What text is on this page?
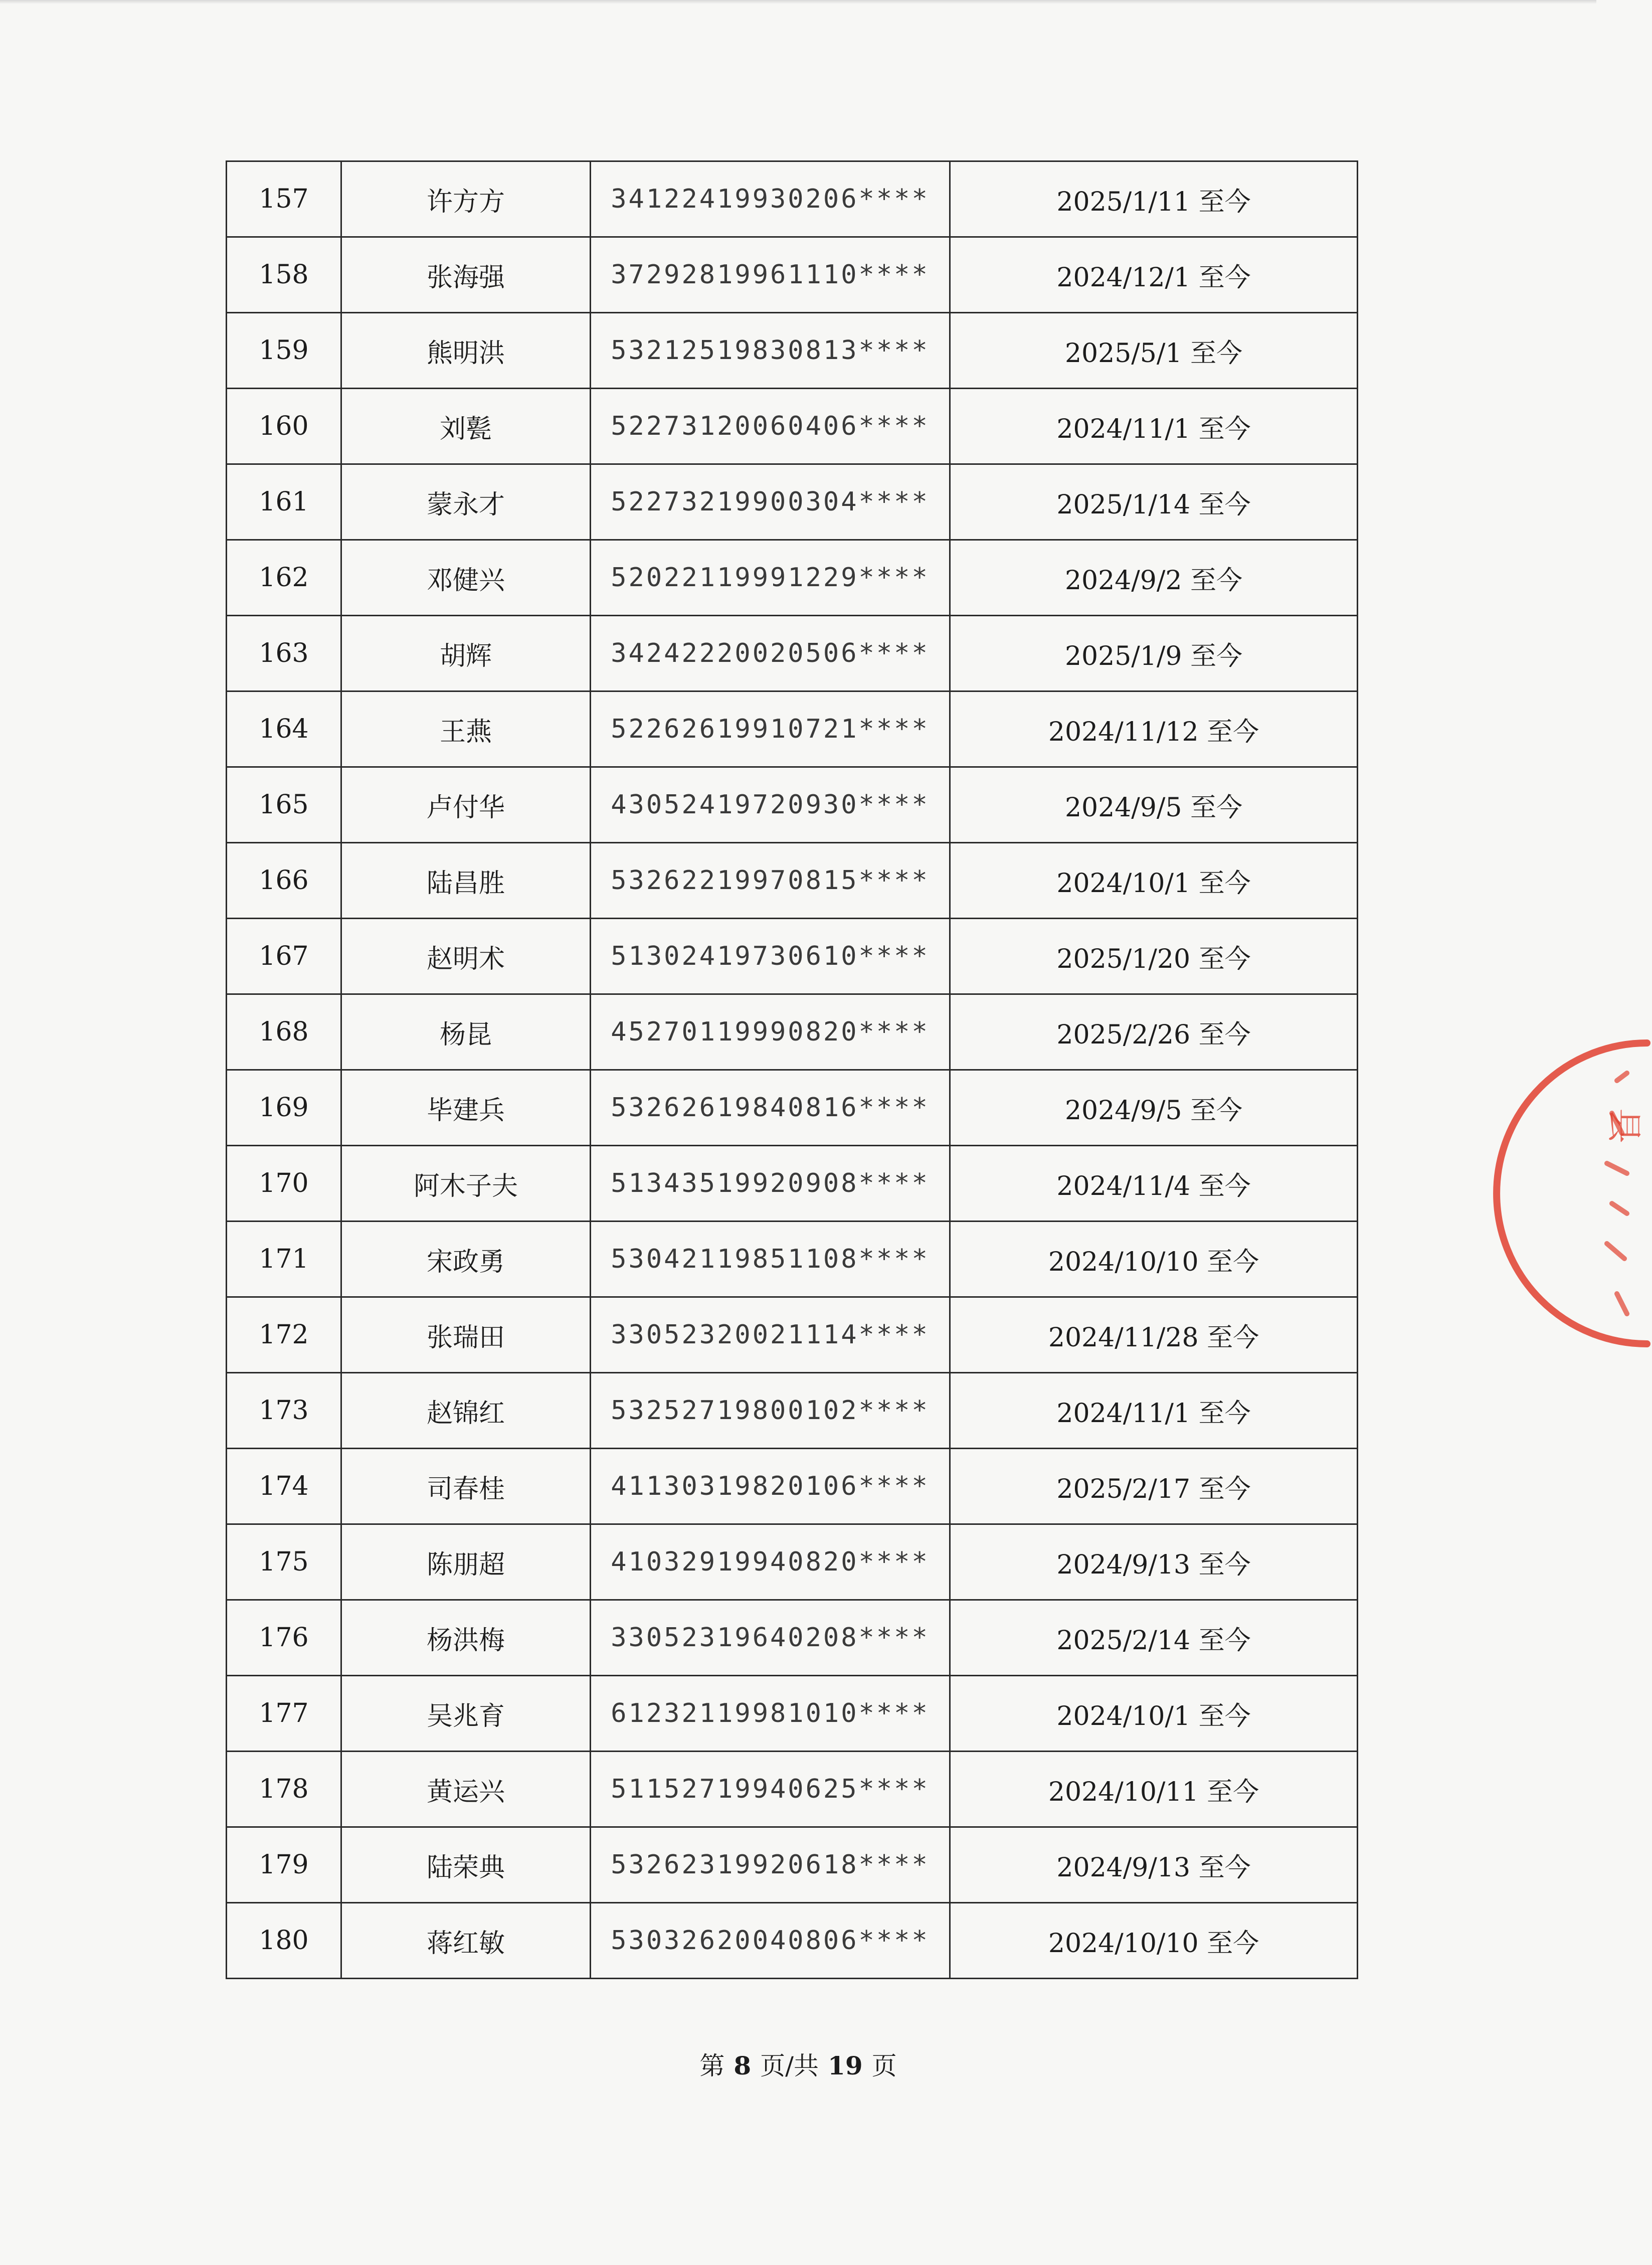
157	许方方	34122419930206****	2025/1/11 至今
158	张海强	37292819961110****	2024/12/1 至今
159	熊明洪	53212519830813****	2025/5/1 至今
160	刘甏	52273120060406****	2024/11/1 至今
161	蒙永才	52273219900304****	2025/1/14 至今
162	邓健兴	52022119991229****	2024/9/2 至今
163	胡辉	34242220020506****	2025/1/9 至今
164	王燕	52262619910721****	2024/11/12 至今
165	卢付华	43052419720930****	2024/9/5 至今
166	陆昌胜	53262219970815****	2024/10/1 至今
167	赵明术	51302419730610****	2025/1/20 至今
168	杨昆	45270119990820****	2025/2/26 至今
169	毕建兵	53262619840816****	2024/9/5 至今
170	阿木子夫	51343519920908****	2024/11/4 至今
171	宋政勇	53042119851108****	2024/10/10 至今
172	张瑞田	33052320021114****	2024/11/28 至今
173	赵锦红	53252719800102****	2024/11/1 至今
174	司春桂	41130319820106****	2025/2/17 至今
175	陈朋超	41032919940820****	2024/9/13 至今
176	杨洪梅	33052319640208****	2025/2/14 至今
177	吴兆育	61232119981010****	2024/10/1 至今
178	黄运兴	51152719940625****	2024/10/11 至今
179	陆荣典	53262319920618****	2024/9/13 至今
180	蒋红敏	53032620040806****	2024/10/10 至今
第 8 页/共 19 页
县
